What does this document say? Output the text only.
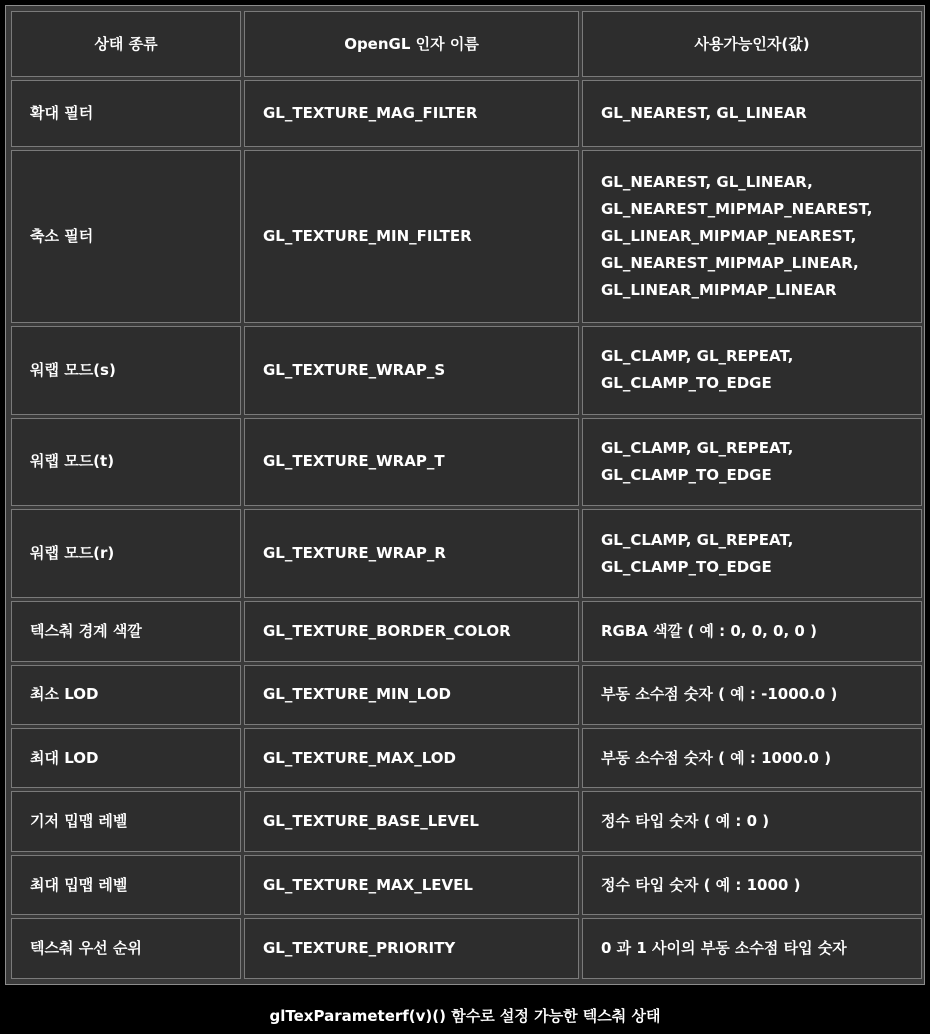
상태 종류	OpenGL 인자 이름	사용가능인자(값)
확대 필터	GL_TEXTURE_MAG_FILTER	GL_NEAREST, GL_LINEAR

축소 필터	GL_TEXTURE_MIN_FILTER	GL_NEAREST, GL_LINEAR,
GL_NEAREST_MIPMAP_NEAREST,
GL_LINEAR_MIPMAP_NEAREST,
GL_NEAREST_MIPMAP_LINEAR,
GL_LINEAR_MIPMAP_LINEAR

워랩 모드(s)	GL_TEXTURE_WRAP_S	GL_CLAMP, GL_REPEAT,
GL_CLAMP_TO_EDGE

워랩 모드(t)	GL_TEXTURE_WRAP_T	GL_CLAMP, GL_REPEAT,
GL_CLAMP_TO_EDGE

워랩 모드(r)	GL_TEXTURE_WRAP_R	GL_CLAMP, GL_REPEAT,
GL_CLAMP_TO_EDGE

텍스춰 경계 색깔	GL_TEXTURE_BORDER_COLOR	RGBA 색깔 ( 예 : 0, 0, 0, 0 )

최소 LOD	GL_TEXTURE_MIN_LOD	부동 소수점 숫자 ( 예 : -1000.0 )

최대 LOD	GL_TEXTURE_MAX_LOD	부동 소수점 숫자 ( 예 : 1000.0 )

기저 밉맵 레벨	GL_TEXTURE_BASE_LEVEL	정수 타입 숫자 ( 예 : 0 )

최대 밉맵 레벨	GL_TEXTURE_MAX_LEVEL	정수 타입 숫자 ( 예 : 1000 )

텍스춰 우선 순위	GL_TEXTURE_PRIORITY	0 과 1 사이의 부동 소수점 타입 숫자
glTexParameterf(v)() 함수로 설정 가능한 텍스춰 상태
